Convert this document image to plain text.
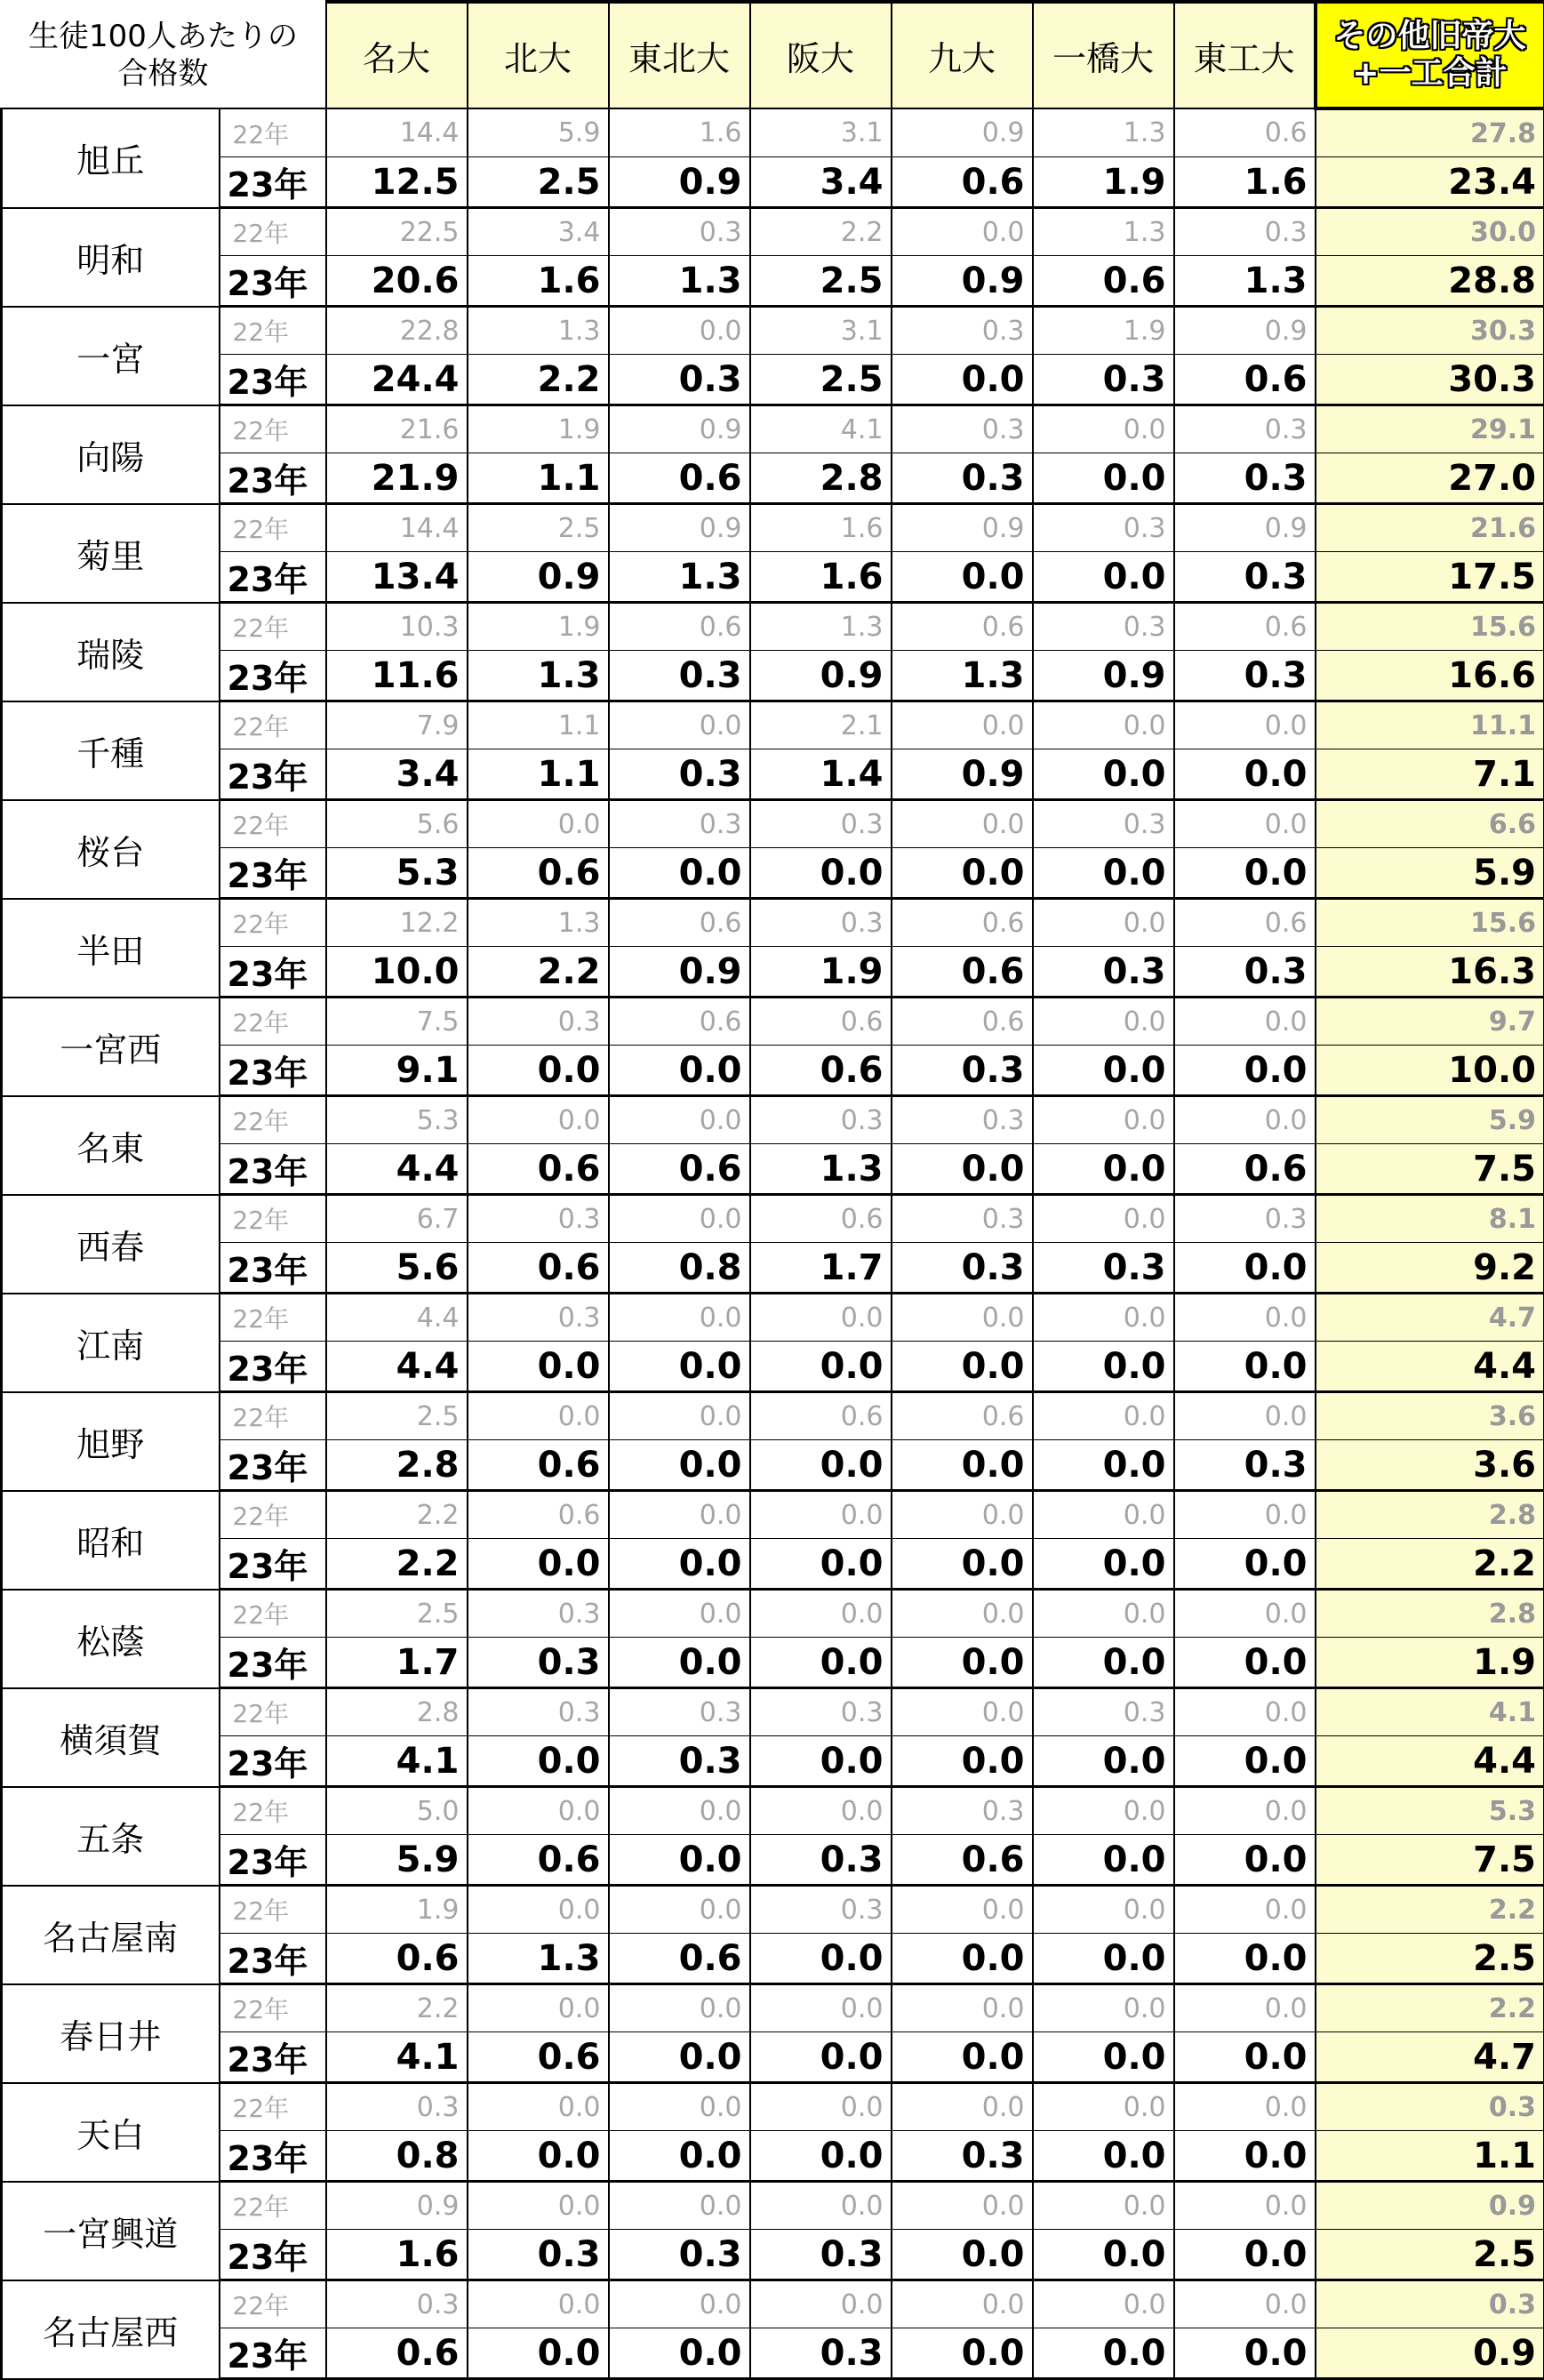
生徒100人あたりの
合格数		名大	北大	東北大	阪大	九大	一橋大	東工大	その他旧帝大
+一工合計

旭丘	22年	14.4	5.9	1.6	3.1	0.9	1.3	0.6	27.8
	23年	12.5	2.5	0.9	3.4	0.6	1.9	1.6	23.4
明和	22年	22.5	3.4	0.3	2.2	0.0	1.3	0.3	30.0
	23年	20.6	1.6	1.3	2.5	0.9	0.6	1.3	28.8
一宮	22年	22.8	1.3	0.0	3.1	0.3	1.9	0.9	30.3
	23年	24.4	2.2	0.3	2.5	0.0	0.3	0.6	30.3
向陽	22年	21.6	1.9	0.9	4.1	0.3	0.0	0.3	29.1
	23年	21.9	1.1	0.6	2.8	0.3	0.0	0.3	27.0
菊里	22年	14.4	2.5	0.9	1.6	0.9	0.3	0.9	21.6
	23年	13.4	0.9	1.3	1.6	0.0	0.0	0.3	17.5
瑞陵	22年	10.3	1.9	0.6	1.3	0.6	0.3	0.6	15.6
	23年	11.6	1.3	0.3	0.9	1.3	0.9	0.3	16.6
千種	22年	7.9	1.1	0.0	2.1	0.0	0.0	0.0	11.1
	23年	3.4	1.1	0.3	1.4	0.9	0.0	0.0	7.1
桜台	22年	5.6	0.0	0.3	0.3	0.0	0.3	0.0	6.6
	23年	5.3	0.6	0.0	0.0	0.0	0.0	0.0	5.9
半田	22年	12.2	1.3	0.6	0.3	0.6	0.0	0.6	15.6
	23年	10.0	2.2	0.9	1.9	0.6	0.3	0.3	16.3
一宮西	22年	7.5	0.3	0.6	0.6	0.6	0.0	0.0	9.7
	23年	9.1	0.0	0.0	0.6	0.3	0.0	0.0	10.0
名東	22年	5.3	0.0	0.0	0.3	0.3	0.0	0.0	5.9
	23年	4.4	0.6	0.6	1.3	0.0	0.0	0.6	7.5
西春	22年	6.7	0.3	0.0	0.6	0.3	0.0	0.3	8.1
	23年	5.6	0.6	0.8	1.7	0.3	0.3	0.0	9.2
江南	22年	4.4	0.3	0.0	0.0	0.0	0.0	0.0	4.7
	23年	4.4	0.0	0.0	0.0	0.0	0.0	0.0	4.4
旭野	22年	2.5	0.0	0.0	0.6	0.6	0.0	0.0	3.6
	23年	2.8	0.6	0.0	0.0	0.0	0.0	0.3	3.6
昭和	22年	2.2	0.6	0.0	0.0	0.0	0.0	0.0	2.8
	23年	2.2	0.0	0.0	0.0	0.0	0.0	0.0	2.2
松蔭	22年	2.5	0.3	0.0	0.0	0.0	0.0	0.0	2.8
	23年	1.7	0.3	0.0	0.0	0.0	0.0	0.0	1.9
横須賀	22年	2.8	0.3	0.3	0.3	0.0	0.3	0.0	4.1
	23年	4.1	0.0	0.3	0.0	0.0	0.0	0.0	4.4
五条	22年	5.0	0.0	0.0	0.0	0.3	0.0	0.0	5.3
	23年	5.9	0.6	0.0	0.3	0.6	0.0	0.0	7.5
名古屋南	22年	1.9	0.0	0.0	0.3	0.0	0.0	0.0	2.2
	23年	0.6	1.3	0.6	0.0	0.0	0.0	0.0	2.5
春日井	22年	2.2	0.0	0.0	0.0	0.0	0.0	0.0	2.2
	23年	4.1	0.6	0.0	0.0	0.0	0.0	0.0	4.7
天白	22年	0.3	0.0	0.0	0.0	0.0	0.0	0.0	0.3
	23年	0.8	0.0	0.0	0.0	0.3	0.0	0.0	1.1
一宮興道	22年	0.9	0.0	0.0	0.0	0.0	0.0	0.0	0.9
	23年	1.6	0.3	0.3	0.3	0.0	0.0	0.0	2.5
名古屋西	22年	0.3	0.0	0.0	0.0	0.0	0.0	0.0	0.3
	23年	0.6	0.0	0.0	0.3	0.0	0.0	0.0	0.9
